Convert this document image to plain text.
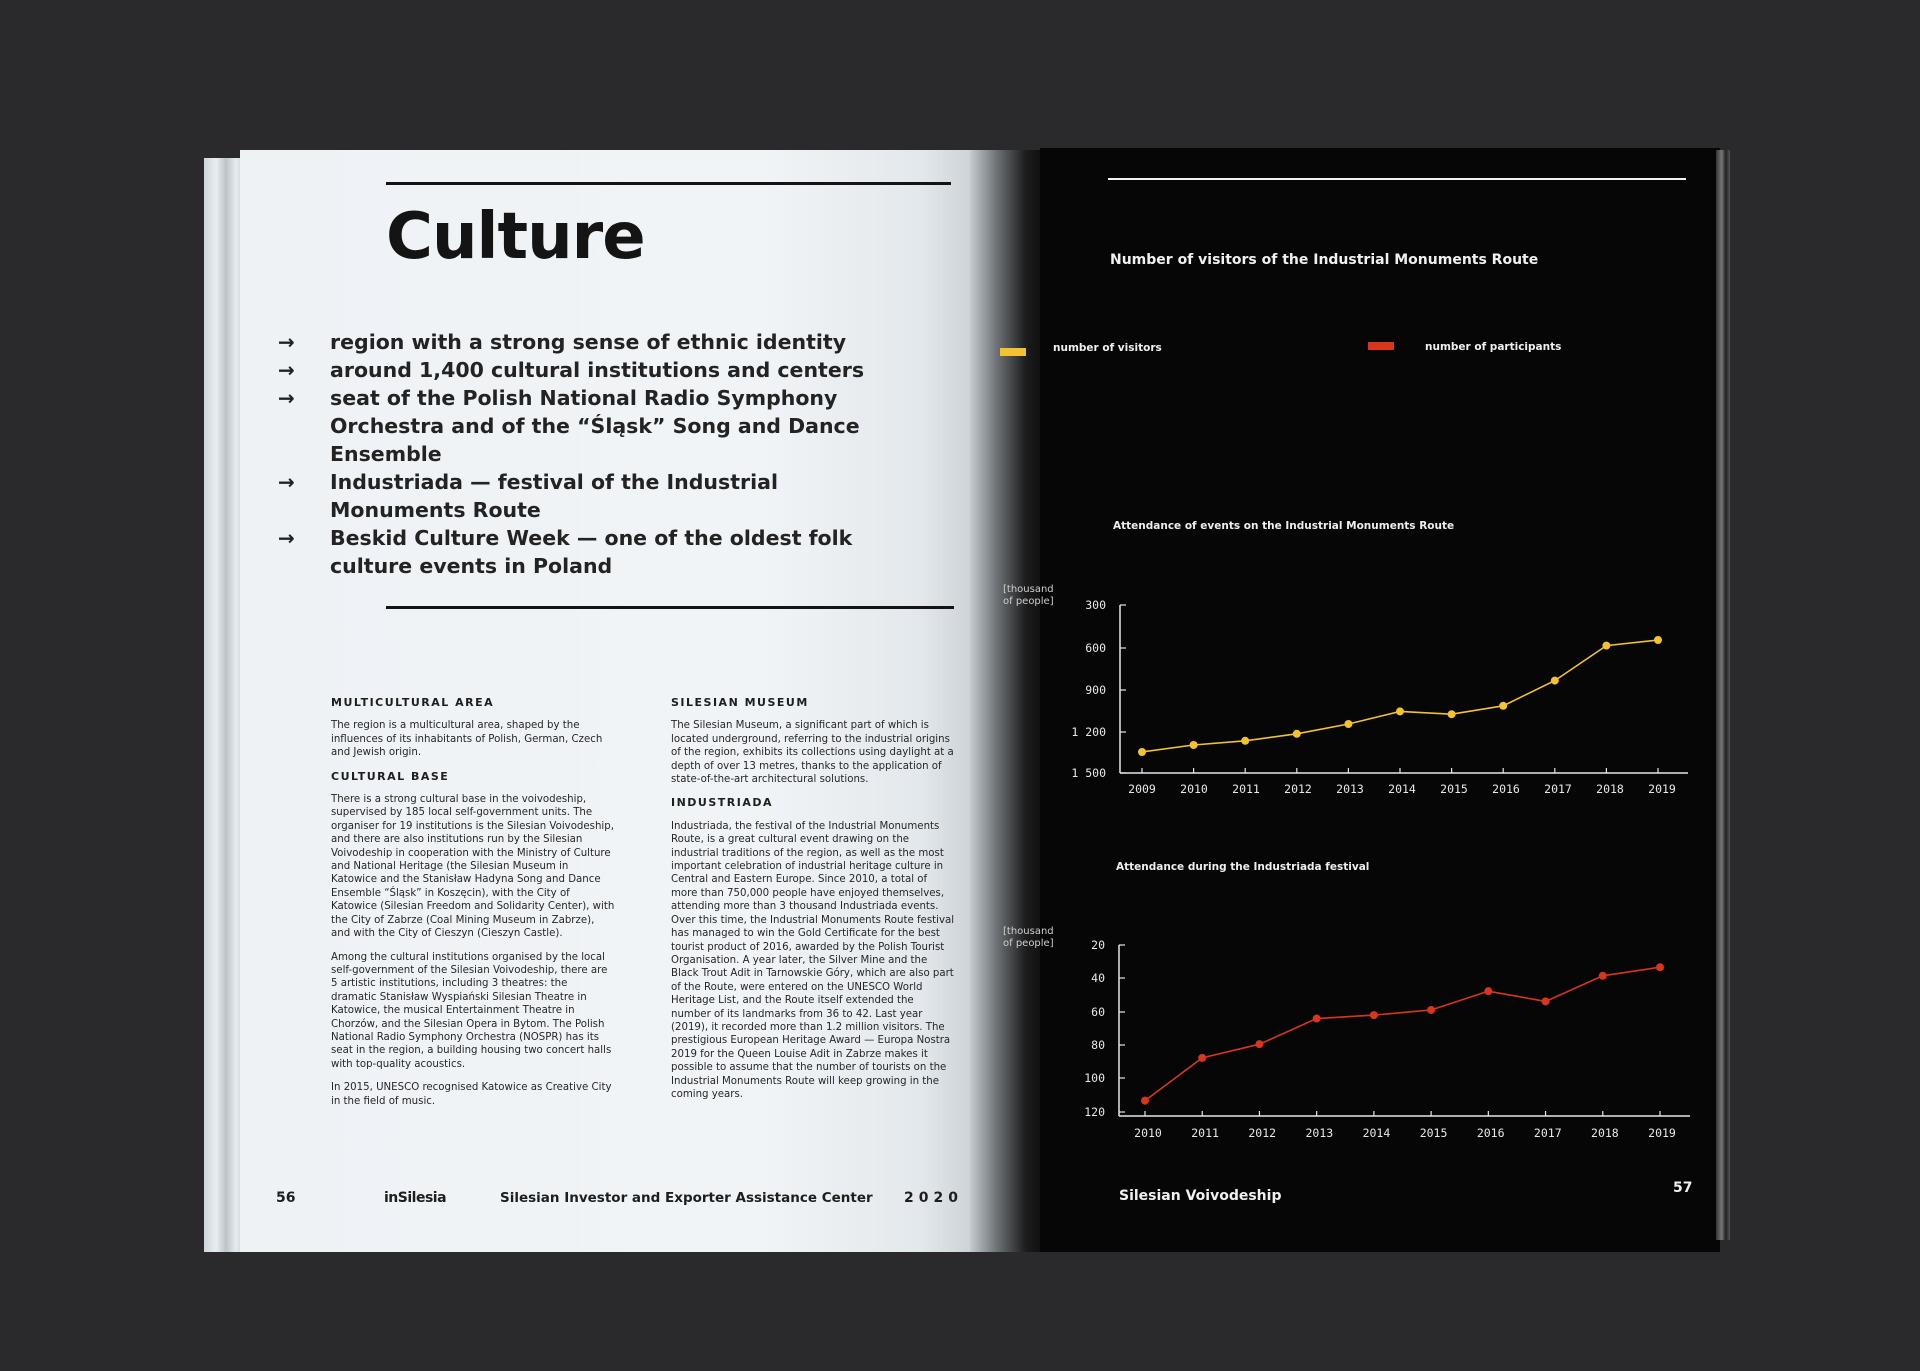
Culture
→ region with a strong sense of ethnic identity
→ around 1,400 cultural institutions and centers
→ seat of the Polish National Radio Symphony Orchestra and of the “Śląsk” Song and Dance Ensemble
→ Industriada — festival of the Industrial Monuments Route
→ Beskid Culture Week — one of the oldest folk culture events in Poland
MULTICULTURAL AREA

The region is a multicultural area, shaped by the influences of its inhabitants of Polish, German, Czech and Jewish origin.

CULTURAL BASE

There is a strong cultural base in the voivodeship, supervised by 185 local self-government units. The organiser for 19 institutions is the Silesian Voivodeship, and there are also institutions run by the Silesian Voivodeship in cooperation with the Ministry of Culture and National Heritage (the Silesian Museum in Katowice and the Stanisław Hadyna Song and Dance Ensemble “Śląsk” in Koszęcin), with the City of Katowice (Silesian Freedom and Solidarity Center), with the City of Zabrze (Coal Mining Museum in Zabrze), and with the City of Cieszyn (Cieszyn Castle).

Among the cultural institutions organised by the local self-government of the Silesian Voivodeship, there are 5 artistic institutions, including 3 theatres: the dramatic Stanisław Wyspiański Silesian Theatre in Katowice, the musical Entertainment Theatre in Chorzów, and the Silesian Opera in Bytom. The Polish National Radio Symphony Orchestra (NOSPR) has its seat in the region, a building housing two concert halls with top-quality acoustics.

In 2015, UNESCO recognised Katowice as Creative City in the field of music.

SILESIAN MUSEUM

The Silesian Museum, a significant part of which is located underground, referring to the industrial origins of the region, exhibits its collections using daylight at a depth of over 13 metres, thanks to the application of state-of-the-art architectural solutions.

INDUSTRIADA

Industriada, the festival of the Industrial Monuments Route, is a great cultural event drawing on the industrial traditions of the region, as well as the most important celebration of industrial heritage culture in Central and Eastern Europe. Since 2010, a total of more than 750,000 people have enjoyed themselves, attending more than 3 thousand Industriada events. Over this time, the Industrial Monuments Route festival has managed to win the Gold Certificate for the best tourist product of 2016, awarded by the Polish Tourist Organisation. A year later, the Silver Mine and the Black Trout Adit in Tarnowskie Góry, which are also part of the Route, were entered on the UNESCO World Heritage List, and the Route itself extended the number of its landmarks from 36 to 42. Last year (2019), it recorded more than 1.2 million visitors. The prestigious European Heritage Award — Europa Nostra 2019 for the Queen Louise Adit in Zabrze makes it possible to assume that the number of tourists on the Industrial Monuments Route will keep growing in the coming years.

56	inSilesia	Silesian Investor and Exporter Assistance Center 2020
Number of visitors of the Industrial Monuments Route
number of visitors	number of participants
Attendance of events on the Industrial Monuments Route
[thousand of people]
Attendance during the Industriada festival
[thousand of people]
300
600
900
1 200
1 500
2009 2010 2011 2012 2013 2014 2015 2016 2017 2018 2019
20
40
60
80
100
120
2010	2011	2012	2013	2014	2015	2016	2017	2018	2019
Silesian Voivodeship	57
